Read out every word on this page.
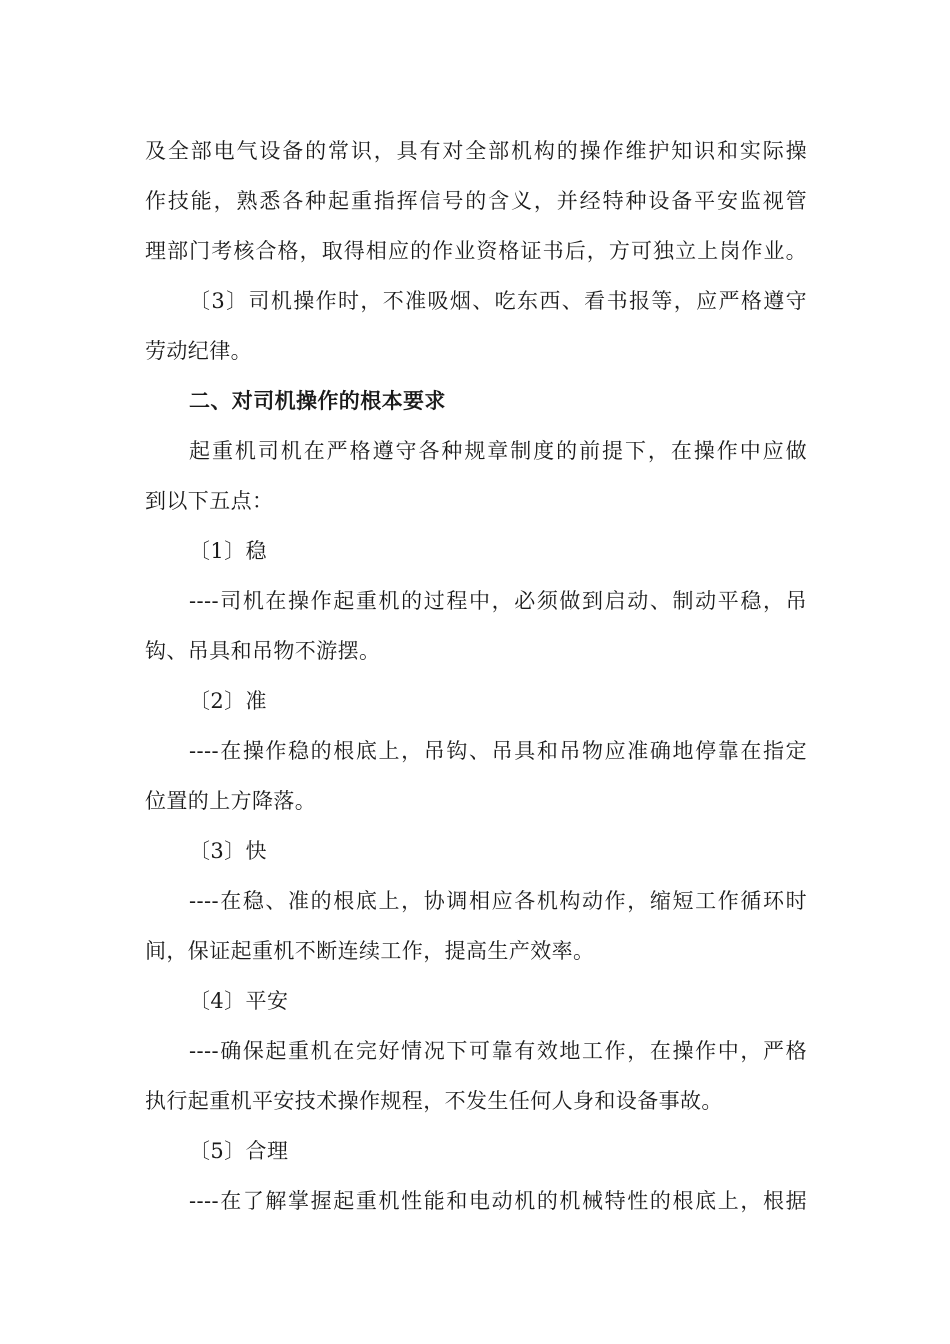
及全部电气设备的常识，具有对全部机构的操作维护知识和实际操
作技能，熟悉各种起重指挥信号的含义，并经特种设备平安监视管
理部门考核合格，取得相应的作业资格证书后，方可独立上岗作业。
〔3〕司机操作时，不准吸烟、吃东西、看书报等，应严格遵守
劳动纪律。
二、对司机操作的根本要求
起重机司机在严格遵守各种规章制度的前提下，在操作中应做
到以下五点：
〔1〕稳
----司机在操作起重机的过程中，必须做到启动、制动平稳，吊
钩、吊具和吊物不游摆。
〔2〕准
----在操作稳的根底上，吊钩、吊具和吊物应准确地停靠在指定
位置的上方降落。
〔3〕快
----在稳、准的根底上，协调相应各机构动作，缩短工作循环时
间，保证起重机不断连续工作，提高生产效率。
〔4〕平安
----确保起重机在完好情况下可靠有效地工作，在操作中，严格
执行起重机平安技术操作规程，不发生任何人身和设备事故。
〔5〕合理
----在了解掌握起重机性能和电动机的机械特性的根底上，根据
